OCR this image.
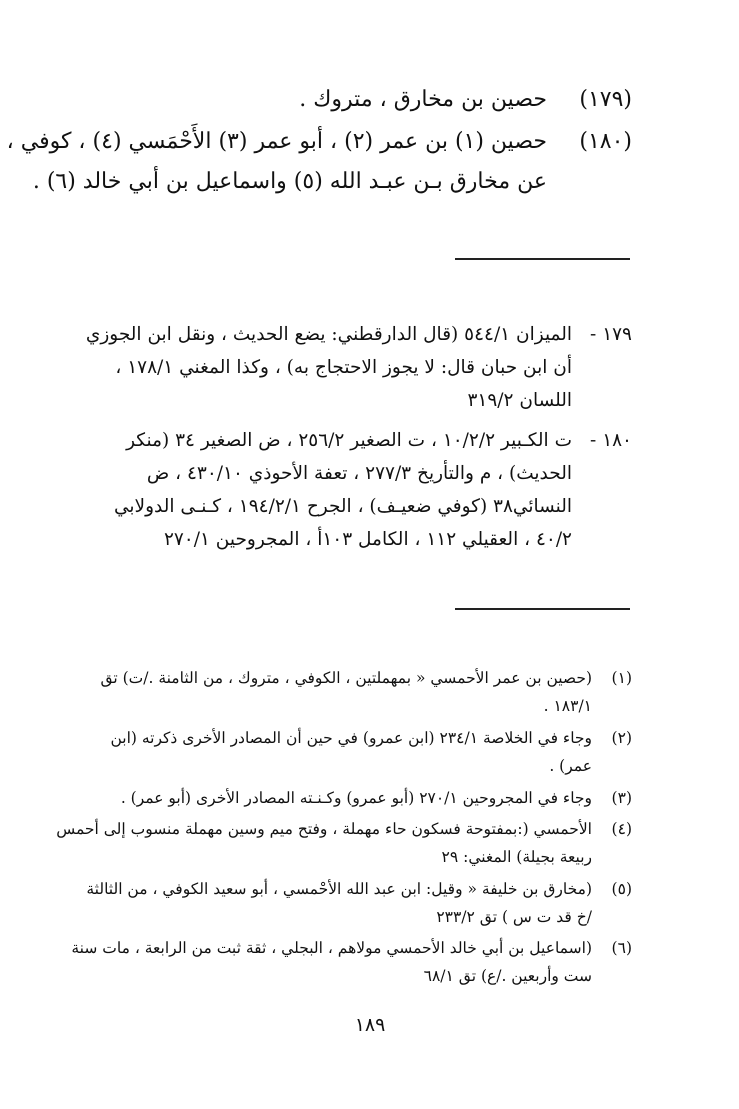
(١٧٩)
حصين بن مخارق ، متروك .
(١٨٠)
حصين (١) بن عمر (٢) ، أبو عمر (٣) الأَحْمَسي (٤) ، كوفي ،
عن مخارق بـن عبـد الله (٥) واسماعيل بن أبي خالد (٦) .
١٧٩ -
الميزان ٥٤٤/١ (قال الدارقطني: يضع الحديث ، ونقل ابن الجوزي
أن ابن حبان قال: لا يجوز الاحتجاج به) ، وكذا المغني ١٧٨/١ ،
اللسان ٣١٩/٢
١٨٠ -
ت الكـبير ١٠/٢/٢ ، ت الصغير ٢٥٦/٢ ، ض الصغير ٣٤ (منكر
الحديث) ، م والتأريخ ٢٧٧/٣ ، تعفة الأحوذي ٤٣٠/١٠ ، ض
النسائي٣٨ (كوفي ضعيـف) ، الجرح ١٩٤/٢/١ ، كـنـى الدولابي
٤٠/٢ ، العقيلي ١١٢ ، الكامل ١٠٣أ ، المجروحين ٢٧٠/١
(١)
(حصين بن عمر الأحمسي « بمهملتين ، الكوفي ، متروك ، من الثامنة ./ت) تق
١٨٣/١ .
(٢)
وجاء في الخلاصة ٢٣٤/١ (ابن عمرو) في حين أن المصادر الأخرى ذكرته (ابن
عمر) .
(٣)
وجاء في المجروحين ٢٧٠/١ (أبو عمرو) وكـنـته المصادر الأخرى (أبو عمر) .
(٤)
الأحمسي (:بمفتوحة فسكون حاء مهملة ، وفتح ميم وسين مهملة منسوب إلى أحمس
ربيعة بجيلة) المغني: ٢٩
(٥)
(مخارق بن خليفة « وقيل: ابن عبد الله الأحْمسي ، أبو سعيد الكوفي ، من الثالثة
/خ قد ت س ) تق ٢٣٣/٢
(٦)
(اسماعيل بن أبي خالد الأحمسي مولاهم ، البجلي ، ثقة ثبت من الرابعة ، مات سنة
ست وأربعين ./ع) تق ٦٨/١
١٨٩
